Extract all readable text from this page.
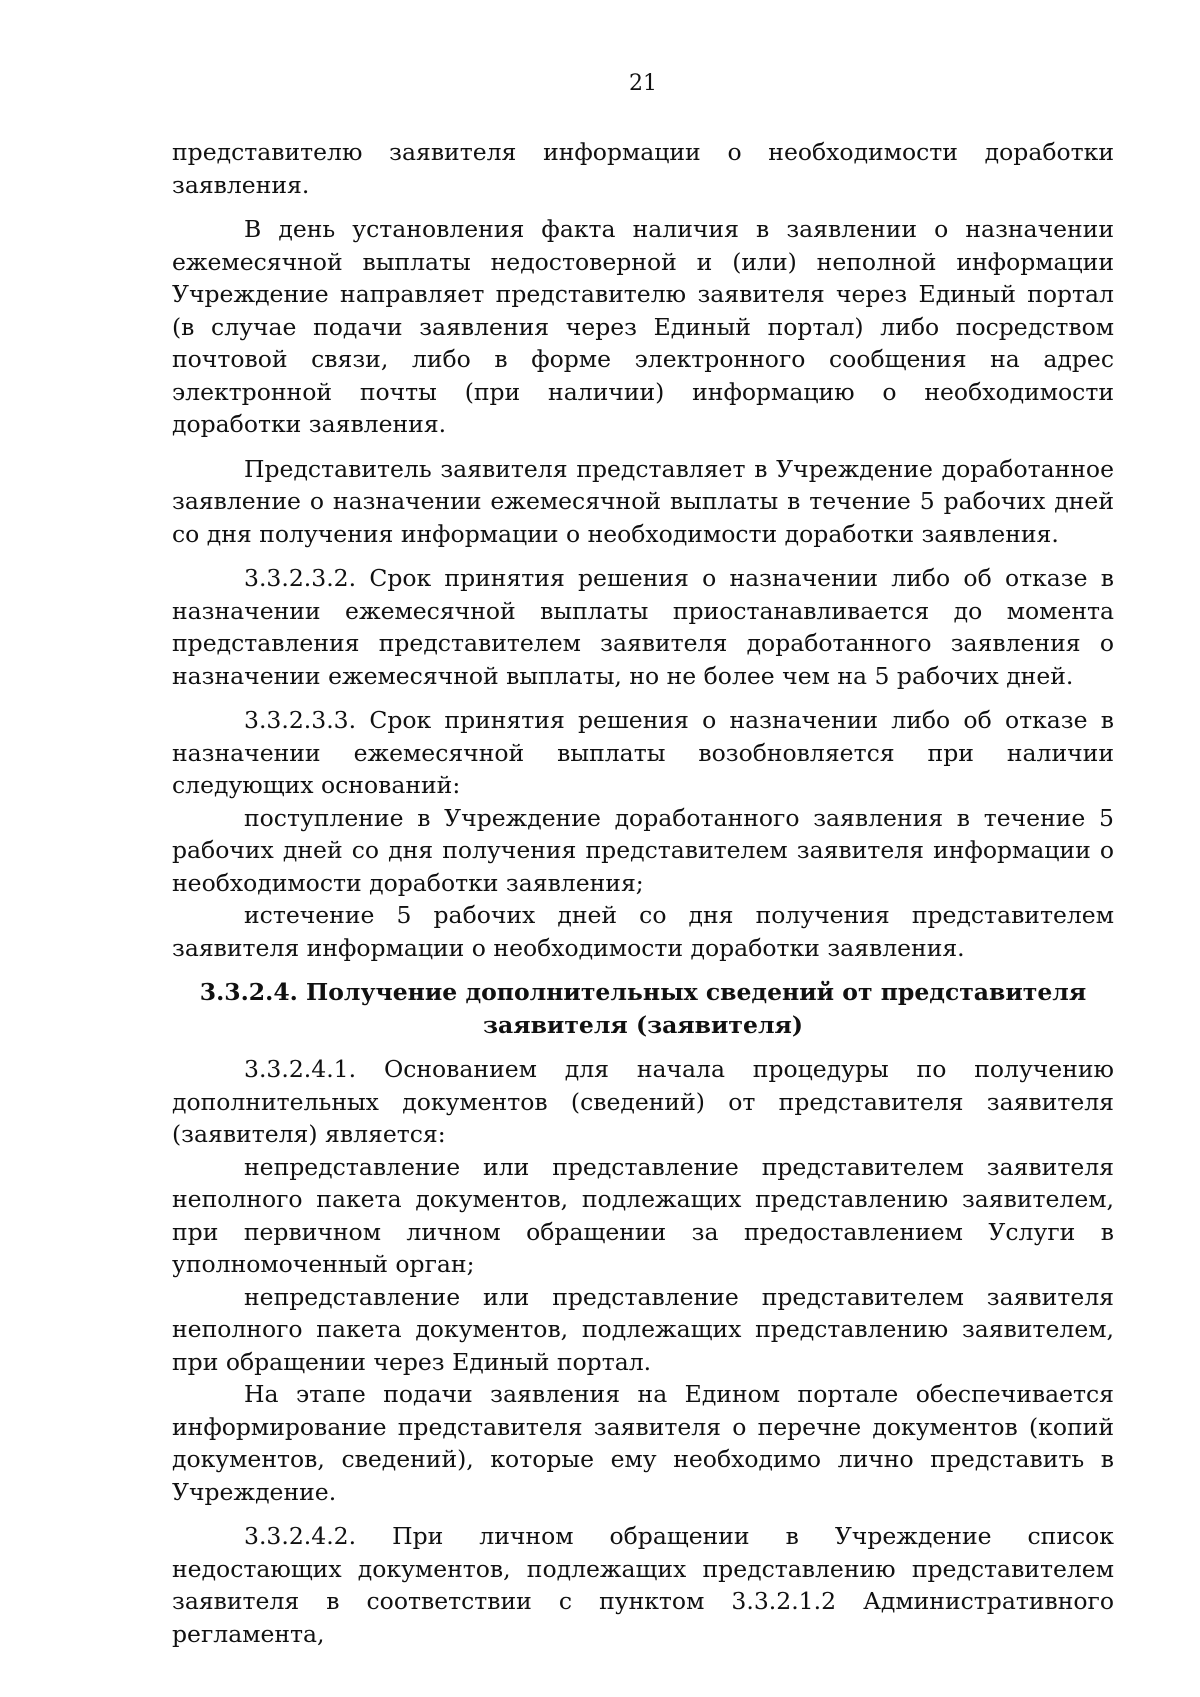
21

представителю заявителя информации о необходимости доработки заявления.

В день установления факта наличия в заявлении о назначении ежемесячной выплаты недостоверной и (или) неполной информации Учреждение направляет представителю заявителя через Единый портал (в случае подачи заявления через Единый портал) либо посредством почтовой связи, либо в форме электронного сообщения на адрес электронной почты (при наличии) информацию о необходимости доработки заявления.

Представитель заявителя представляет в Учреждение доработанное заявление о назначении ежемесячной выплаты в течение 5 рабочих дней со дня получения информации о необходимости доработки заявления.

3.3.2.3.2. Срок принятия решения о назначении либо об отказе в назначении ежемесячной выплаты приостанавливается до момента представления представителем заявителя доработанного заявления о назначении ежемесячной выплаты, но не более чем на 5 рабочих дней.

3.3.2.3.3. Срок принятия решения о назначении либо об отказе в назначении ежемесячной выплаты возобновляется при наличии следующих оснований:

поступление в Учреждение доработанного заявления в течение 5 рабочих дней со дня получения представителем заявителя информации о необходимости доработки заявления;

истечение 5 рабочих дней со дня получения представителем заявителя информации о необходимости доработки заявления.

3.3.2.4. Получение дополнительных сведений от представителя
заявителя (заявителя)

3.3.2.4.1. Основанием для начала процедуры по получению дополнительных документов (сведений) от представителя заявителя (заявителя) является:

непредставление или представление представителем заявителя неполного пакета документов, подлежащих представлению заявителем, при первичном личном обращении за предоставлением Услуги в уполномоченный орган;

непредставление или представление представителем заявителя неполного пакета документов, подлежащих представлению заявителем, при обращении через Единый портал.

На этапе подачи заявления на Едином портале обеспечивается информирование представителя заявителя о перечне документов (копий документов, сведений), которые ему необходимо лично представить в Учреждение.

3.3.2.4.2. При личном обращении в Учреждение список недостающих документов, подлежащих представлению представителем заявителя в соответствии с пунктом 3.3.2.1.2 Административного регламента,
